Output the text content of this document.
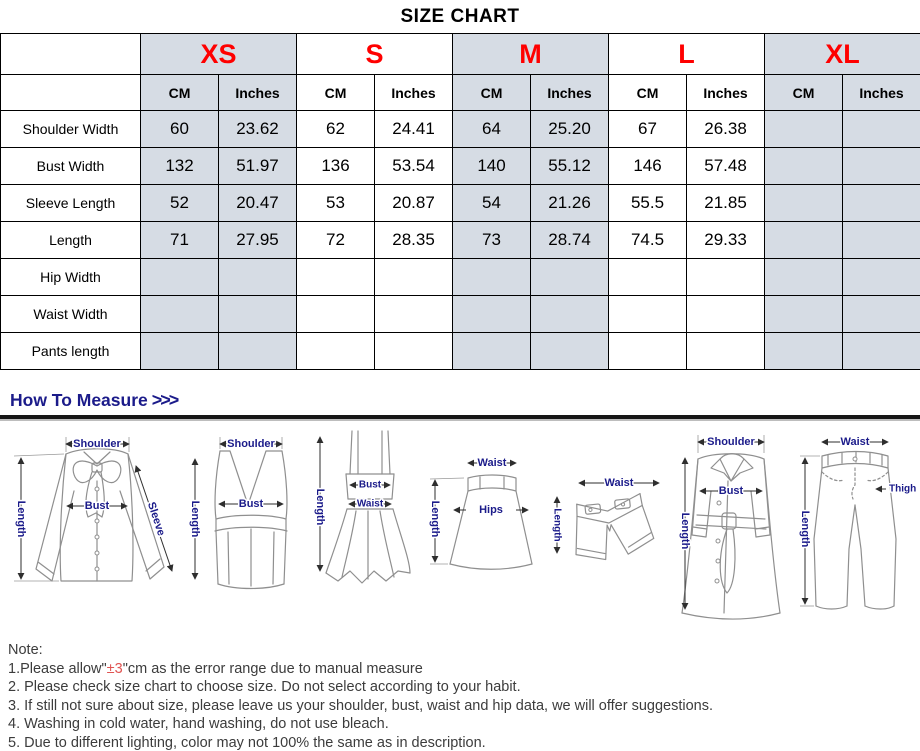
SIZE CHART
	XS		S		M		L		XL	
	CM	Inches	CM	Inches	CM	Inches	CM	Inches	CM	Inches
Shoulder Width	60	23.62	62	24.41	64	25.20	67	26.38		
Bust Width	132	51.97	136	53.54	140	55.12	146	57.48		
Sleeve Length	52	20.47	53	20.87	54	21.26	55.5	21.85		
Length	71	27.95	72	28.35	73	28.74	74.5	29.33		
Hip Width										
Waist Width										
Pants length										
How To Measure >>>
Shoulder
Length	Bust	Sleeve
Shoulder
Length	Bust	Length
Bust
Waist
Waist
Hips
Length
Waist
Length
Shoulder
Length
Bust
Waist
Length
Thigh
Note:
1.Please allow"±3"cm as the error range due to manual measure
2. Please check size chart to choose size. Do not select according to your habit.
3. If still not sure about size, please leave us your shoulder, bust, waist and hip data, we will offer suggestions.
4. Washing in cold water, hand washing, do not use bleach.
5. Due to different lighting, color may not 100% the same as in description.
